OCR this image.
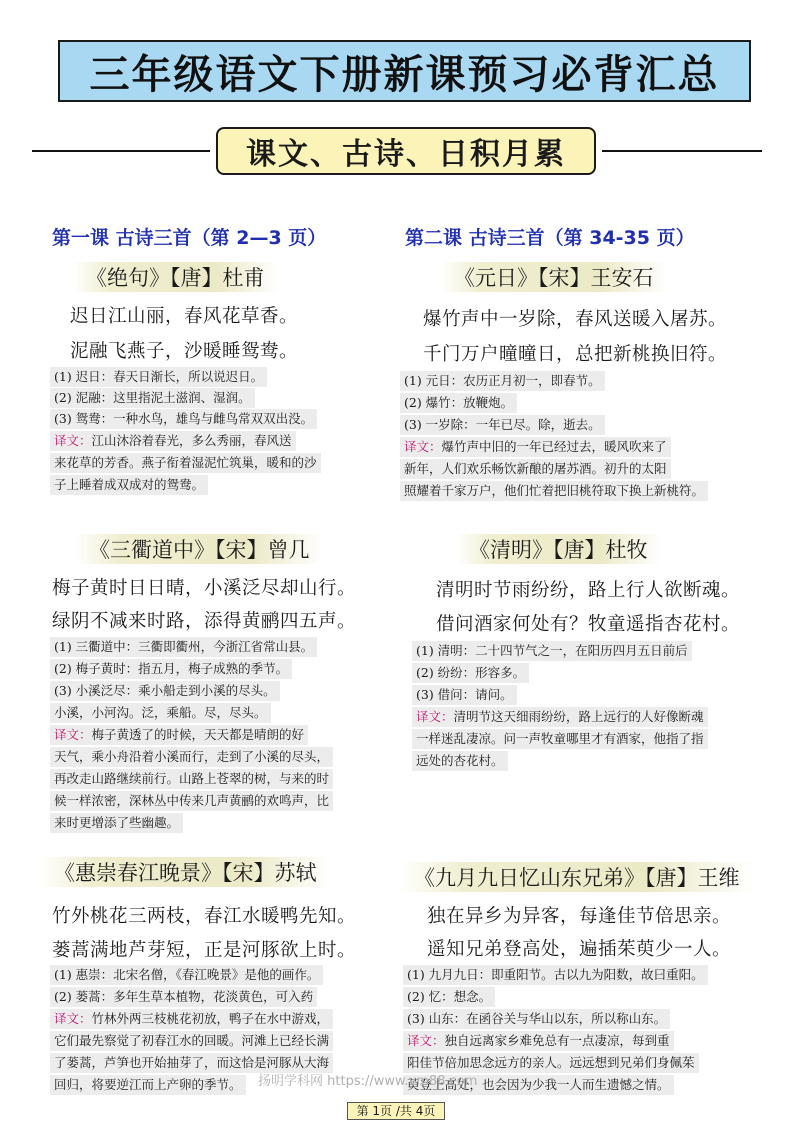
三年级语文下册新课预习必背汇总
课文、古诗、日积月累
第一课 古诗三首（第 2—3 页）
《绝句》【唐】杜甫
迟日江山丽，春风花草香。
泥融飞燕子，沙暖睡鸳鸯。
(1) 迟日：春天日渐长，所以说迟日。
(2) 泥融：这里指泥土滋润、湿润。
(3) 鸳鸯：一种水鸟，雄鸟与雌鸟常双双出没。
译文：江山沐浴着春光，多么秀丽，春风送
来花草的芳香。燕子衔着湿泥忙筑巢，暖和的沙
子上睡着成双成对的鸳鸯。
《三衢道中》【宋】曾几
梅子黄时日日晴，小溪泛尽却山行。
绿阴不减来时路，添得黄鹂四五声。
(1) 三衢道中：三衢即衢州，今浙江省常山县。
(2) 梅子黄时：指五月，梅子成熟的季节。
(3) 小溪泛尽：乘小船走到小溪的尽头。
小溪，小河沟。泛，乘船。尽，尽头。
译文：梅子黄透了的时候，天天都是晴朗的好
天气，乘小舟沿着小溪而行，走到了小溪的尽头，
再改走山路继续前行。山路上苍翠的树，与来的时
候一样浓密，深林丛中传来几声黄鹂的欢鸣声，比
来时更增添了些幽趣。
《惠崇春江晚景》【宋】苏轼
竹外桃花三两枝，春江水暖鸭先知。
蒌蒿满地芦芽短，正是河豚欲上时。
(1) 惠崇：北宋名僧，《春江晚景》是他的画作。
(2) 蒌蒿：多年生草本植物，花淡黄色，可入药
译文：竹林外两三枝桃花初放，鸭子在水中游戏，
它们最先察觉了初春江水的回暖。河滩上已经长满
了蒌蒿，芦笋也开始抽芽了，而这恰是河豚从大海
回归，将要逆江而上产卵的季节。
第二课 古诗三首（第 34-35 页）
《元日》【宋】王安石
爆竹声中一岁除，春风送暖入屠苏。
千门万户曈曈日，总把新桃换旧符。
(1) 元日：农历正月初一，即春节。
(2) 爆竹：放鞭炮。
(3) 一岁除：一年已尽。除，逝去。
译文：爆竹声中旧的一年已经过去，暖风吹来了
新年，人们欢乐畅饮新酿的屠苏酒。初升的太阳
照耀着千家万户，他们忙着把旧桃符取下换上新桃符。
《清明》【唐】杜牧
清明时节雨纷纷，路上行人欲断魂。
借问酒家何处有？牧童遥指杏花村。
(1) 清明：二十四节气之一，在阳历四月五日前后
(2) 纷纷：形容多。
(3) 借问：请问。
译文：清明节这天细雨纷纷，路上远行的人好像断魂
一样迷乱凄凉。问一声牧童哪里才有酒家，他指了指
远处的杏花村。
《九月九日忆山东兄弟》【唐】王维
独在异乡为异客，每逢佳节倍思亲。
遥知兄弟登高处，遍插茱萸少一人。
(1) 九月九日：即重阳节。古以九为阳数，故曰重阳。
(2) 忆：想念。
(3) 山东：在函谷关与华山以东，所以称山东。
译文：独自远离家乡难免总有一点凄凉，每到重
阳佳节倍加思念远方的亲人。远远想到兄弟们身佩茱
萸登上高处，也会因为少我一人而生遗憾之情。
扬明学科网 https://www.ym88.com
第 1页 /共 4页
